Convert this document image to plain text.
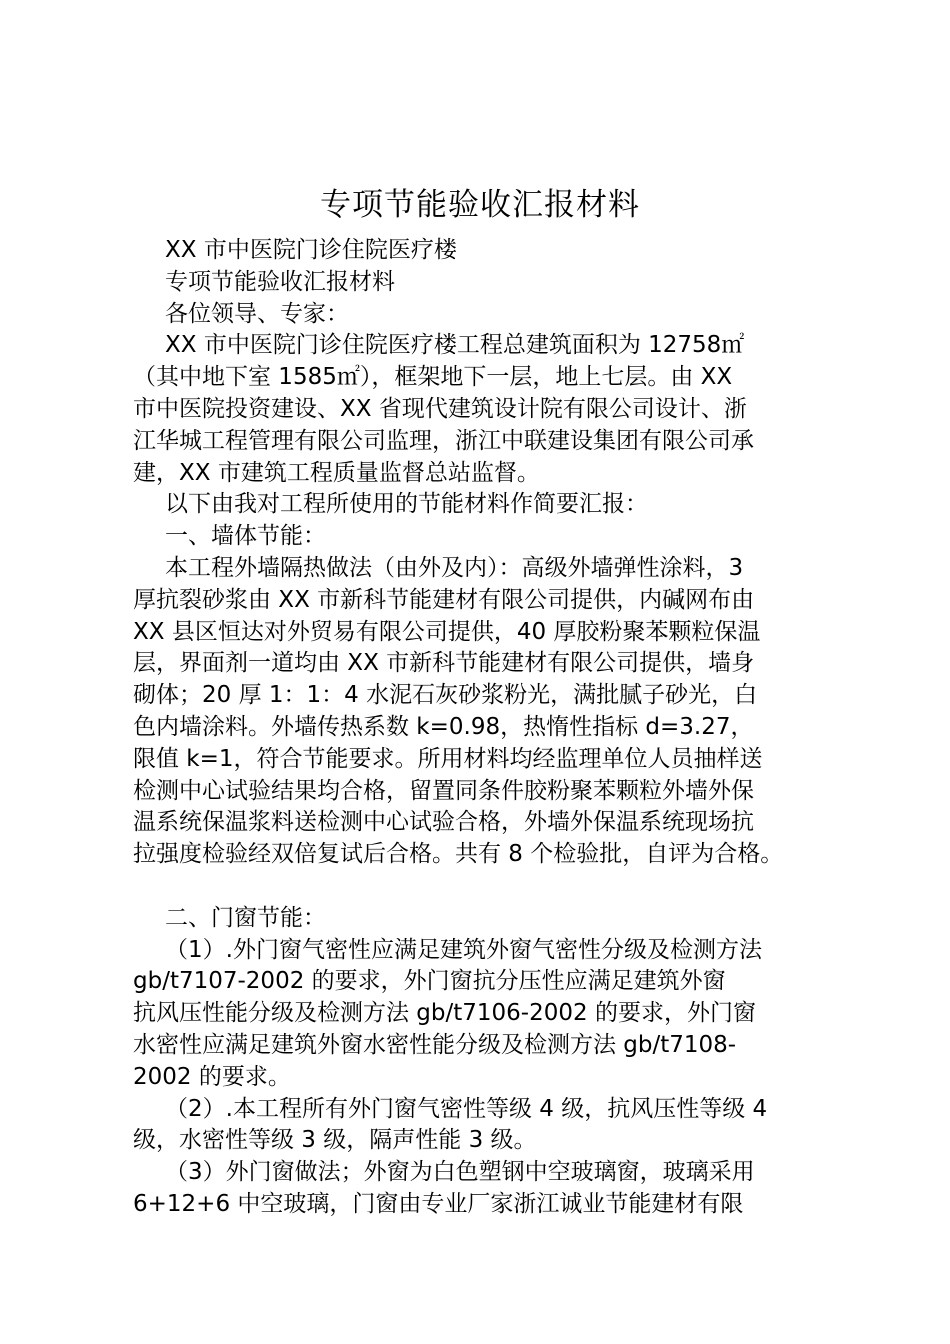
专项节能验收汇报材料
XX 市中医院门诊住院医疗楼
专项节能验收汇报材料
各位领导、专家：
XX 市中医院门诊住院医疗楼工程总建筑面积为 12758㎡
（其中地下室 1585㎡），框架地下一层，地上七层。由 XX
市中医院投资建设、XX 省现代建筑设计院有限公司设计、浙
江华城工程管理有限公司监理，浙江中联建设集团有限公司承
建，XX 市建筑工程质量监督总站监督。
以下由我对工程所使用的节能材料作简要汇报：
一、墙体节能：
本工程外墙隔热做法（由外及内）：高级外墙弹性涂料，3
厚抗裂砂浆由 XX 市新科节能建材有限公司提供，内碱网布由
XX 县区恒达对外贸易有限公司提供，40 厚胶粉聚苯颗粒保温
层，界面剂一道均由 XX 市新科节能建材有限公司提供，墙身
砌体；20 厚 1：1：4 水泥石灰砂浆粉光，满批腻子砂光，白
色内墙涂料。外墙传热系数 k=0.98，热惰性指标 d=3.27，
限值 k=1，符合节能要求。所用材料均经监理单位人员抽样送
检测中心试验结果均合格，留置同条件胶粉聚苯颗粒外墙外保
温系统保温浆料送检测中心试验合格，外墙外保温系统现场抗
拉强度检验经双倍复试后合格。共有 8 个检验批，自评为合格。
二、门窗节能：
（1）.外门窗气密性应满足建筑外窗气密性分级及检测方法
gb/t7107-2002 的要求，外门窗抗分压性应满足建筑外窗
抗风压性能分级及检测方法 gb/t7106-2002 的要求，外门窗
水密性应满足建筑外窗水密性能分级及检测方法 gb/t7108-
2002 的要求。
（2）.本工程所有外门窗气密性等级 4 级，抗风压性等级 4
级，水密性等级 3 级，隔声性能 3 级。
（3）外门窗做法；外窗为白色塑钢中空玻璃窗，玻璃采用
6+12+6 中空玻璃，门窗由专业厂家浙江诚业节能建材有限
